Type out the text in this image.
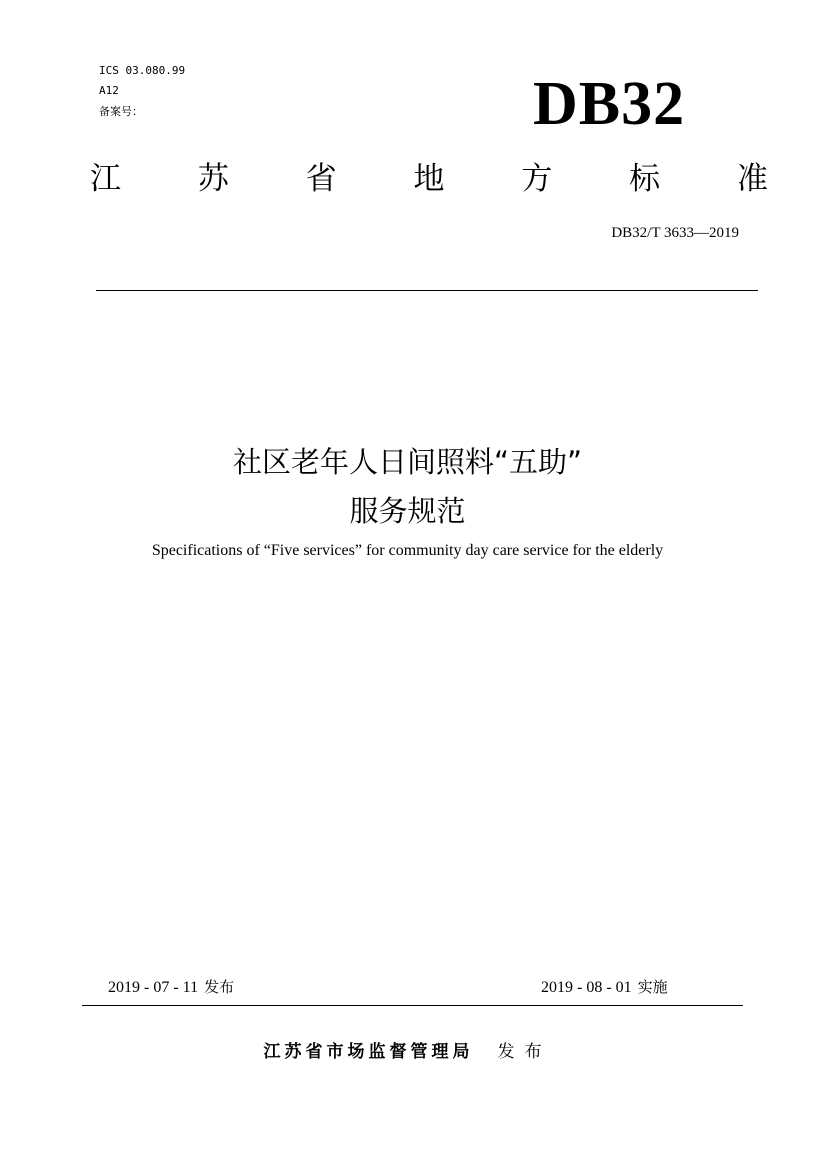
ICS 03.080.99
A12
备案号：	DB32
江 苏 省 地 方 标 准
DB32/T 3633—2019
社区老年人日间照料“五助”
服务规范
Specifications of “Five services” for community day care service for the elderly
2019 - 07 - 11 发布	2019 - 08 - 01 实施
江苏省市场监督管理局 发布
